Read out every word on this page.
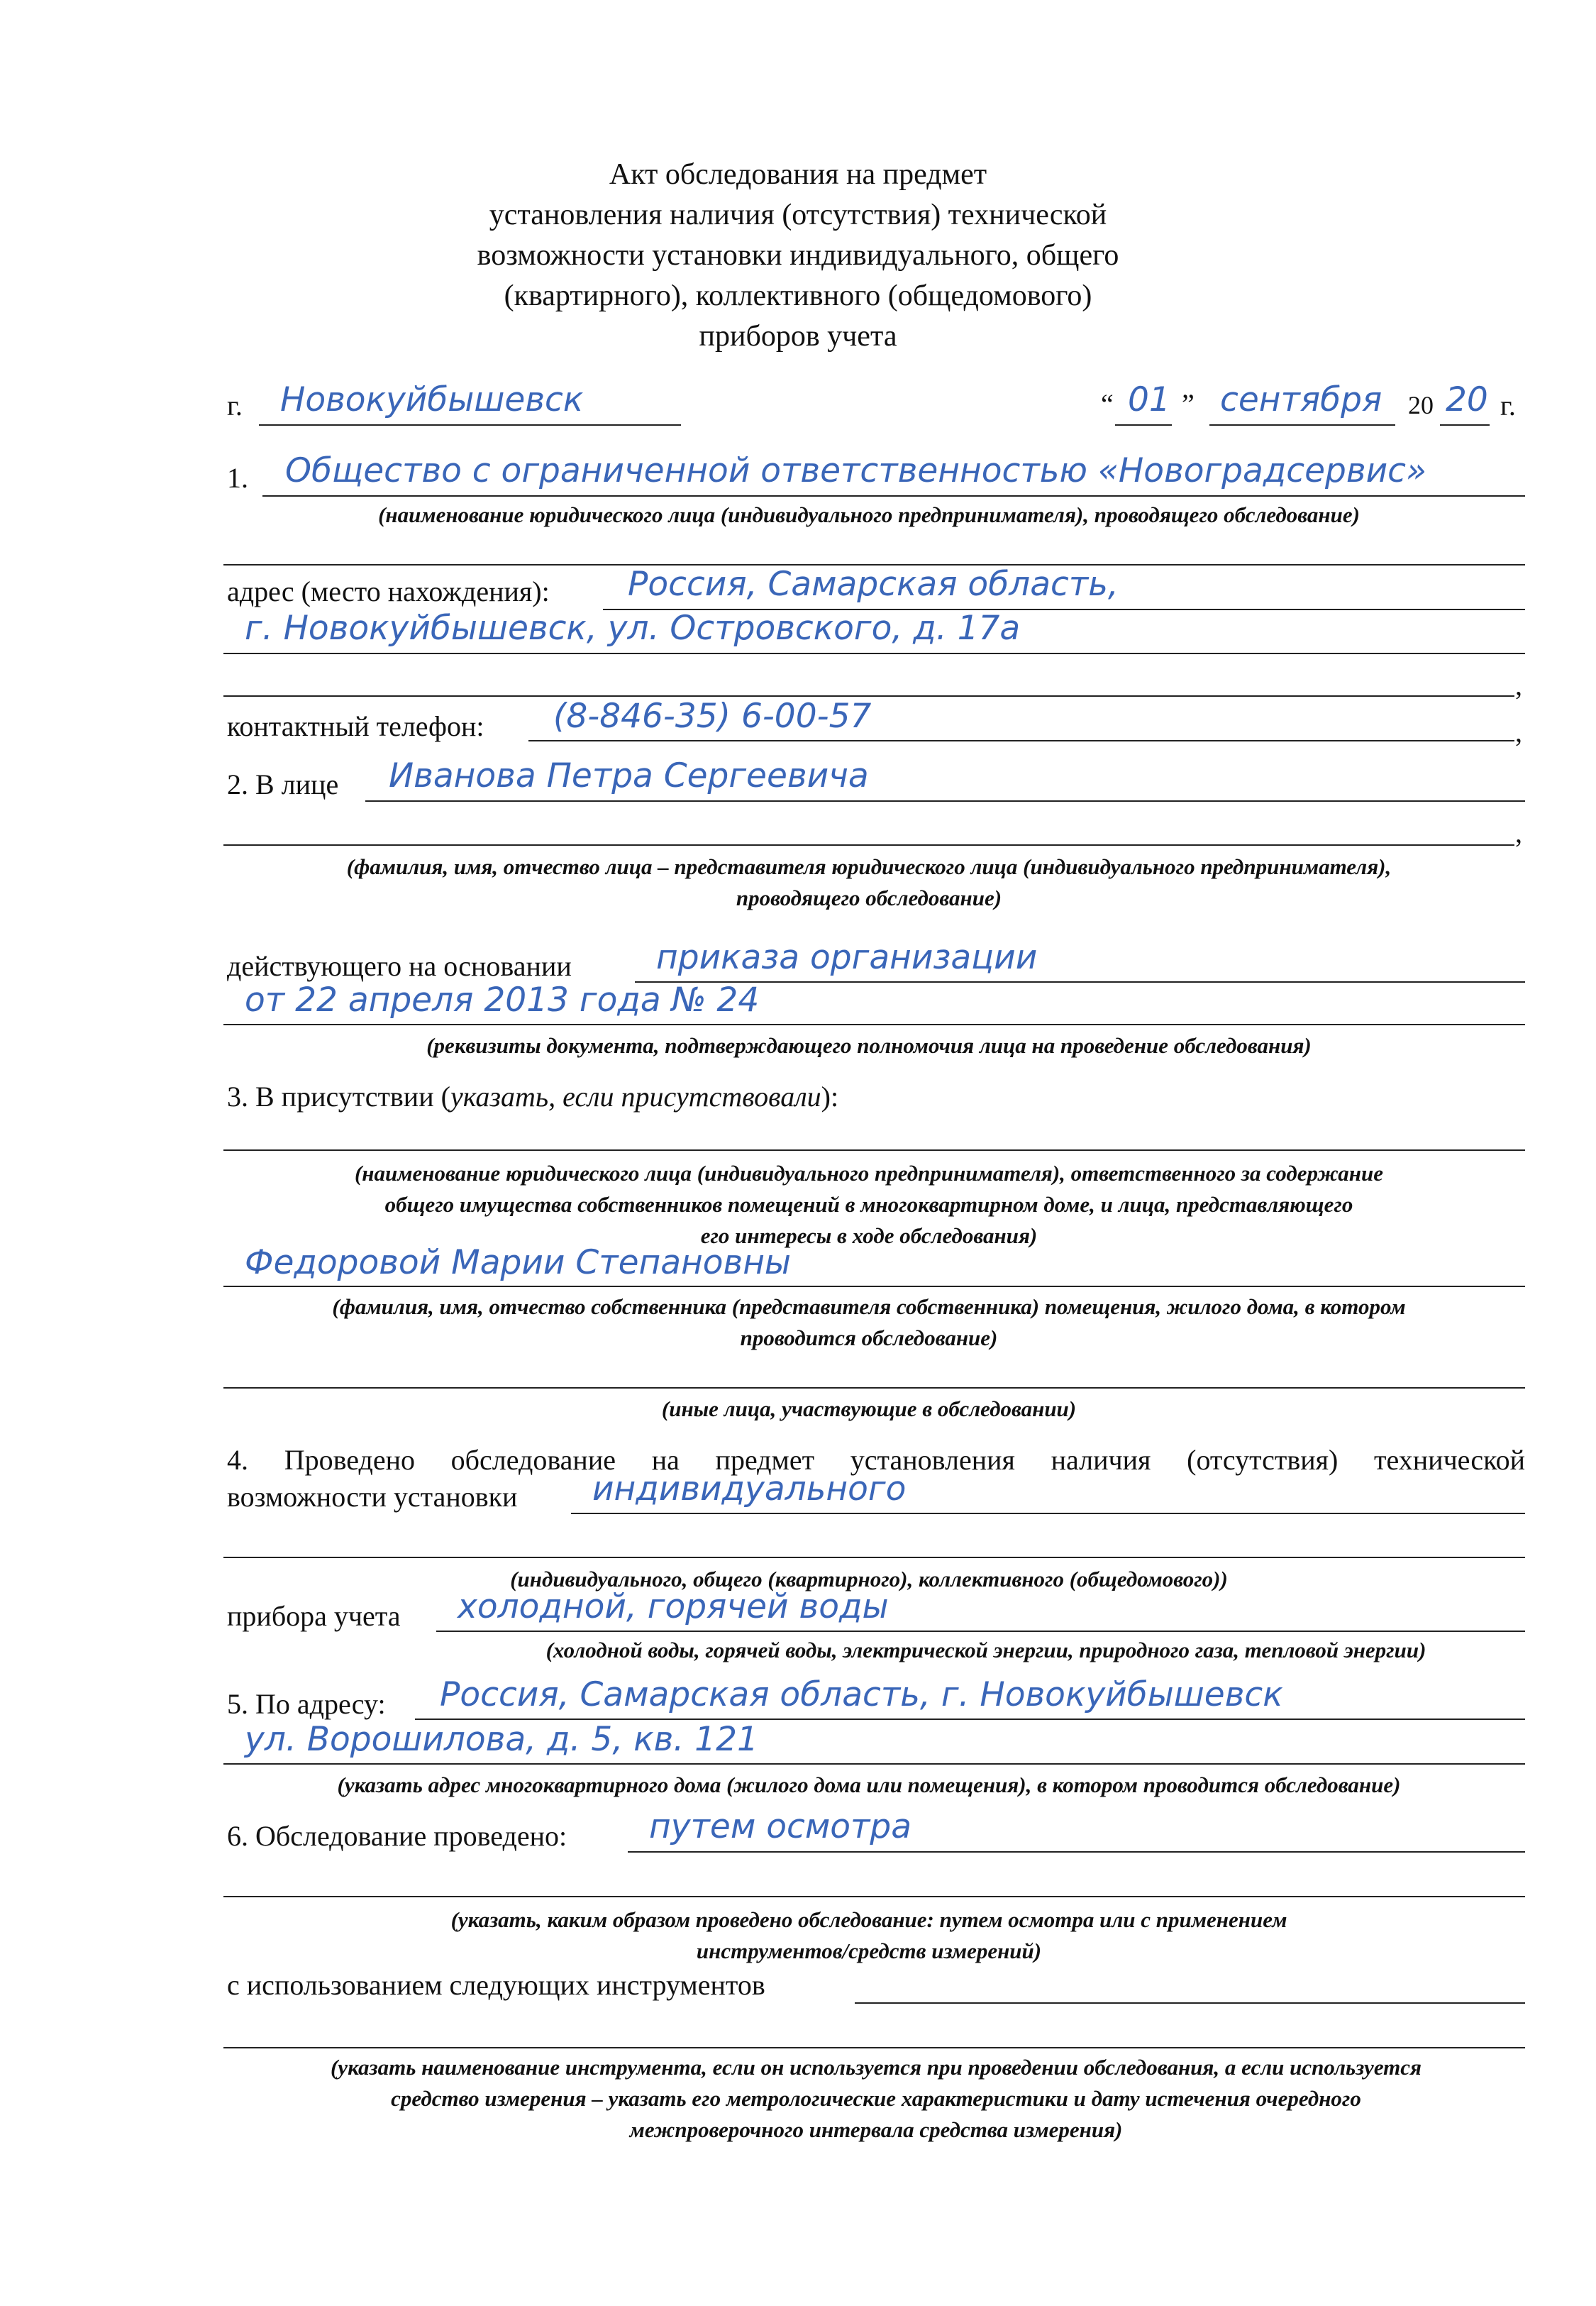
Акт обследования на предмет
установления наличия (отсутствия) технической
возможности установки индивидуального, общего
(квартирного), коллективного (общедомового)
приборов учета
г. Новокуйбышевск	“ 01 ” сентября 20 20 г.
1. Общество с ограниченной ответственностью «Новоградсервис»
(наименование юридического лица (индивидуального предпринимателя), проводящего обследование)
адрес (место нахождения): Россия, Самарская область,
г. Новокуйбышевск, ул. Островского, д. 17а
,
контактный телефон: (8-846-35) 6-00-57	,
2. В лице Иванова Петра Сергеевича
,
(фамилия, имя, отчество лица – представителя юридического лица (индивидуального предпринимателя),
проводящего обследование)
действующего на основании	приказа организации
от 22 апреля 2013 года № 24
(реквизиты документа, подтверждающего полномочия лица на проведение обследования)
3. В присутствии (указать, если присутствовали):
(наименование юридического лица (индивидуального предпринимателя), ответственного за содержание
общего имущества собственников помещений в многоквартирном доме, и лица, представляющего
его интересы в ходе обследования)
Федоровой Марии Степановны
(фамилия, имя, отчество собственника (представителя собственника) помещения, жилого дома, в котором
проводится обследование)
(иные лица, участвующие в обследовании)
4. Проведено обследование на предмет установления наличия (отсутствия) технической
возможности установки индивидуального
(индивидуального, общего (квартирного), коллективного (общедомового))
прибора учета холодной, горячей воды
(холодной воды, горячей воды, электрической энергии, природного газа, тепловой энергии)
5. По адресу: Россия, Самарская область, г. Новокуйбышевск
ул. Ворошилова, д. 5, кв. 121
(указать адрес многоквартирного дома (жилого дома или помещения), в котором проводится обследование)
6. Обследование проведено: путем осмотра
(указать, каким образом проведено обследование: путем осмотра или с применением
инструментов/средств измерений)
с использованием следующих инструментов
(указать наименование инструмента, если он используется при проведении обследования, а если используется
средство измерения – указать его метрологические характеристики и дату истечения очередного
межпроверочного интервала средства измерения)
